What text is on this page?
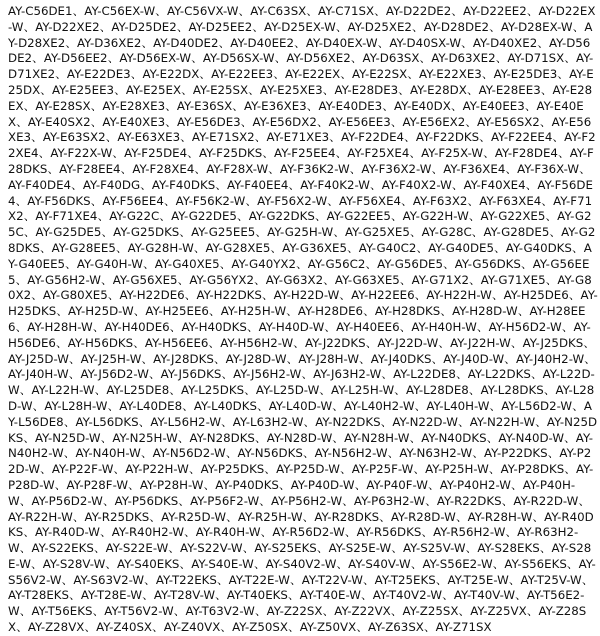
AY-C56DE1、AY-C56EX-W、AY-C56VX-W、AY-C63SX、AY-C71SX、AY-D22DE2、AY-D22EE2、AY-D22EX-W、AY-D22XE2、AY-D25DE2、AY-D25EE2、AY-D25EX-W、AY-D25XE2、AY-D28DE2、AY-D28EX-W、AY-D28XE2、AY-D36XE2、AY-D40DE2、AY-D40EE2、AY-D40EX-W、AY-D40SX-W、AY-D40XE2、AY-D56DE2、AY-D56EE2、AY-D56EX-W、AY-D56SX-W、AY-D56XE2、AY-D63SX、AY-D63XE2、AY-D71SX、AY-D71XE2、AY-E22DE3、AY-E22DX、AY-E22EE3、AY-E22EX、AY-E22SX、AY-E22XE3、AY-E25DE3、AY-E25DX、AY-E25EE3、AY-E25EX、AY-E25SX、AY-E25XE3、AY-E28DE3、AY-E28DX、AY-E28EE3、AY-E28EX、AY-E28SX、AY-E28XE3、AY-E36SX、AY-E36XE3、AY-E40DE3、AY-E40DX、AY-E40EE3、AY-E40EX、AY-E40SX2、AY-E40XE3、AY-E56DE3、AY-E56DX2、AY-E56EE3、AY-E56EX2、AY-E56SX2、AY-E56XE3、AY-E63SX2、AY-E63XE3、AY-E71SX2、AY-E71XE3、AY-F22DE4、AY-F22DKS、AY-F22EE4、AY-F22XE4、AY-F22X-W、AY-F25DE4、AY-F25DKS、AY-F25EE4、AY-F25XE4、AY-F25X-W、AY-F28DE4、AY-F28DKS、AY-F28EE4、AY-F28XE4、AY-F28X-W、AY-F36K2-W、AY-F36X2-W、AY-F36XE4、AY-F36X-W、AY-F40DE4、AY-F40DG、AY-F40DKS、AY-F40EE4、AY-F40K2-W、AY-F40X2-W、AY-F40XE4、AY-F56DE4、AY-F56DKS、AY-F56EE4、AY-F56K2-W、AY-F56X2-W、AY-F56XE4、AY-F63X2、AY-F63XE4、AY-F71X2、AY-F71XE4、AY-G22C、AY-G22DE5、AY-G22DKS、AY-G22EE5、AY-G22H-W、AY-G22XE5、AY-G25C、AY-G25DE5、AY-G25DKS、AY-G25EE5、AY-G25H-W、AY-G25XE5、AY-G28C、AY-G28DE5、AY-G28DKS、AY-G28EE5、AY-G28H-W、AY-G28XE5、AY-G36XE5、AY-G40C2、AY-G40DE5、AY-G40DKS、AY-G40EE5、AY-G40H-W、AY-G40XE5、AY-G40YX2、AY-G56C2、AY-G56DE5、AY-G56DKS、AY-G56EE5、AY-G56H2-W、AY-G56XE5、AY-G56YX2、AY-G63X2、AY-G63XE5、AY-G71X2、AY-G71XE5、AY-G80X2、AY-G80XE5、AY-H22DE6、AY-H22DKS、AY-H22D-W、AY-H22EE6、AY-H22H-W、AY-H25DE6、AY-H25DKS、AY-H25D-W、AY-H25EE6、AY-H25H-W、AY-H28DE6、AY-H28DKS、AY-H28D-W、AY-H28EE6、AY-H28H-W、AY-H40DE6、AY-H40DKS、AY-H40D-W、AY-H40EE6、AY-H40H-W、AY-H56D2-W、AY-H56DE6、AY-H56DKS、AY-H56EE6、AY-H56H2-W、AY-J22DKS、AY-J22D-W、AY-J22H-W、AY-J25DKS、AY-J25D-W、AY-J25H-W、AY-J28DKS、AY-J28D-W、AY-J28H-W、AY-J40DKS、AY-J40D-W、AY-J40H2-W、AY-J40H-W、AY-J56D2-W、AY-J56DKS、AY-J56H2-W、AY-J63H2-W、AY-L22DE8、AY-L22DKS、AY-L22D-W、AY-L22H-W、AY-L25DE8、AY-L25DKS、AY-L25D-W、AY-L25H-W、AY-L28DE8、AY-L28DKS、AY-L28D-W、AY-L28H-W、AY-L40DE8、AY-L40DKS、AY-L40D-W、AY-L40H2-W、AY-L40H-W、AY-L56D2-W、AY-L56DE8、AY-L56DKS、AY-L56H2-W、AY-L63H2-W、AY-N22DKS、AY-N22D-W、AY-N22H-W、AY-N25DKS、AY-N25D-W、AY-N25H-W、AY-N28DKS、AY-N28D-W、AY-N28H-W、AY-N40DKS、AY-N40D-W、AY-N40H2-W、AY-N40H-W、AY-N56D2-W、AY-N56DKS、AY-N56H2-W、AY-N63H2-W、AY-P22DKS、AY-P22D-W、AY-P22F-W、AY-P22H-W、AY-P25DKS、AY-P25D-W、AY-P25F-W、AY-P25H-W、AY-P28DKS、AY-P28D-W、AY-P28F-W、AY-P28H-W、AY-P40DKS、AY-P40D-W、AY-P40F-W、AY-P40H2-W、AY-P40H-W、AY-P56D2-W、AY-P56DKS、AY-P56F2-W、AY-P56H2-W、AY-P63H2-W、AY-R22DKS、AY-R22D-W、AY-R22H-W、AY-R25DKS、AY-R25D-W、AY-R25H-W、AY-R28DKS、AY-R28D-W、AY-R28H-W、AY-R40DKS、AY-R40D-W、AY-R40H2-W、AY-R40H-W、AY-R56D2-W、AY-R56DKS、AY-R56H2-W、AY-R63H2-W、AY-S22EKS、AY-S22E-W、AY-S22V-W、AY-S25EKS、AY-S25E-W、AY-S25V-W、AY-S28EKS、AY-S28E-W、AY-S28V-W、AY-S40EKS、AY-S40E-W、AY-S40V2-W、AY-S40V-W、AY-S56E2-W、AY-S56EKS、AY-S56V2-W、AY-S63V2-W、AY-T22EKS、AY-T22E-W、AY-T22V-W、AY-T25EKS、AY-T25E-W、AY-T25V-W、AY-T28EKS、AY-T28E-W、AY-T28V-W、AY-T40EKS、AY-T40E-W、AY-T40V2-W、AY-T40V-W、AY-T56E2-W、AY-T56EKS、AY-T56V2-W、AY-T63V2-W、AY-Z22SX、AY-Z22VX、AY-Z25SX、AY-Z25VX、AY-Z28SX、AY-Z28VX、AY-Z40SX、AY-Z40VX、AY-Z50SX、AY-Z50VX、AY-Z63SX、AY-Z71SX
